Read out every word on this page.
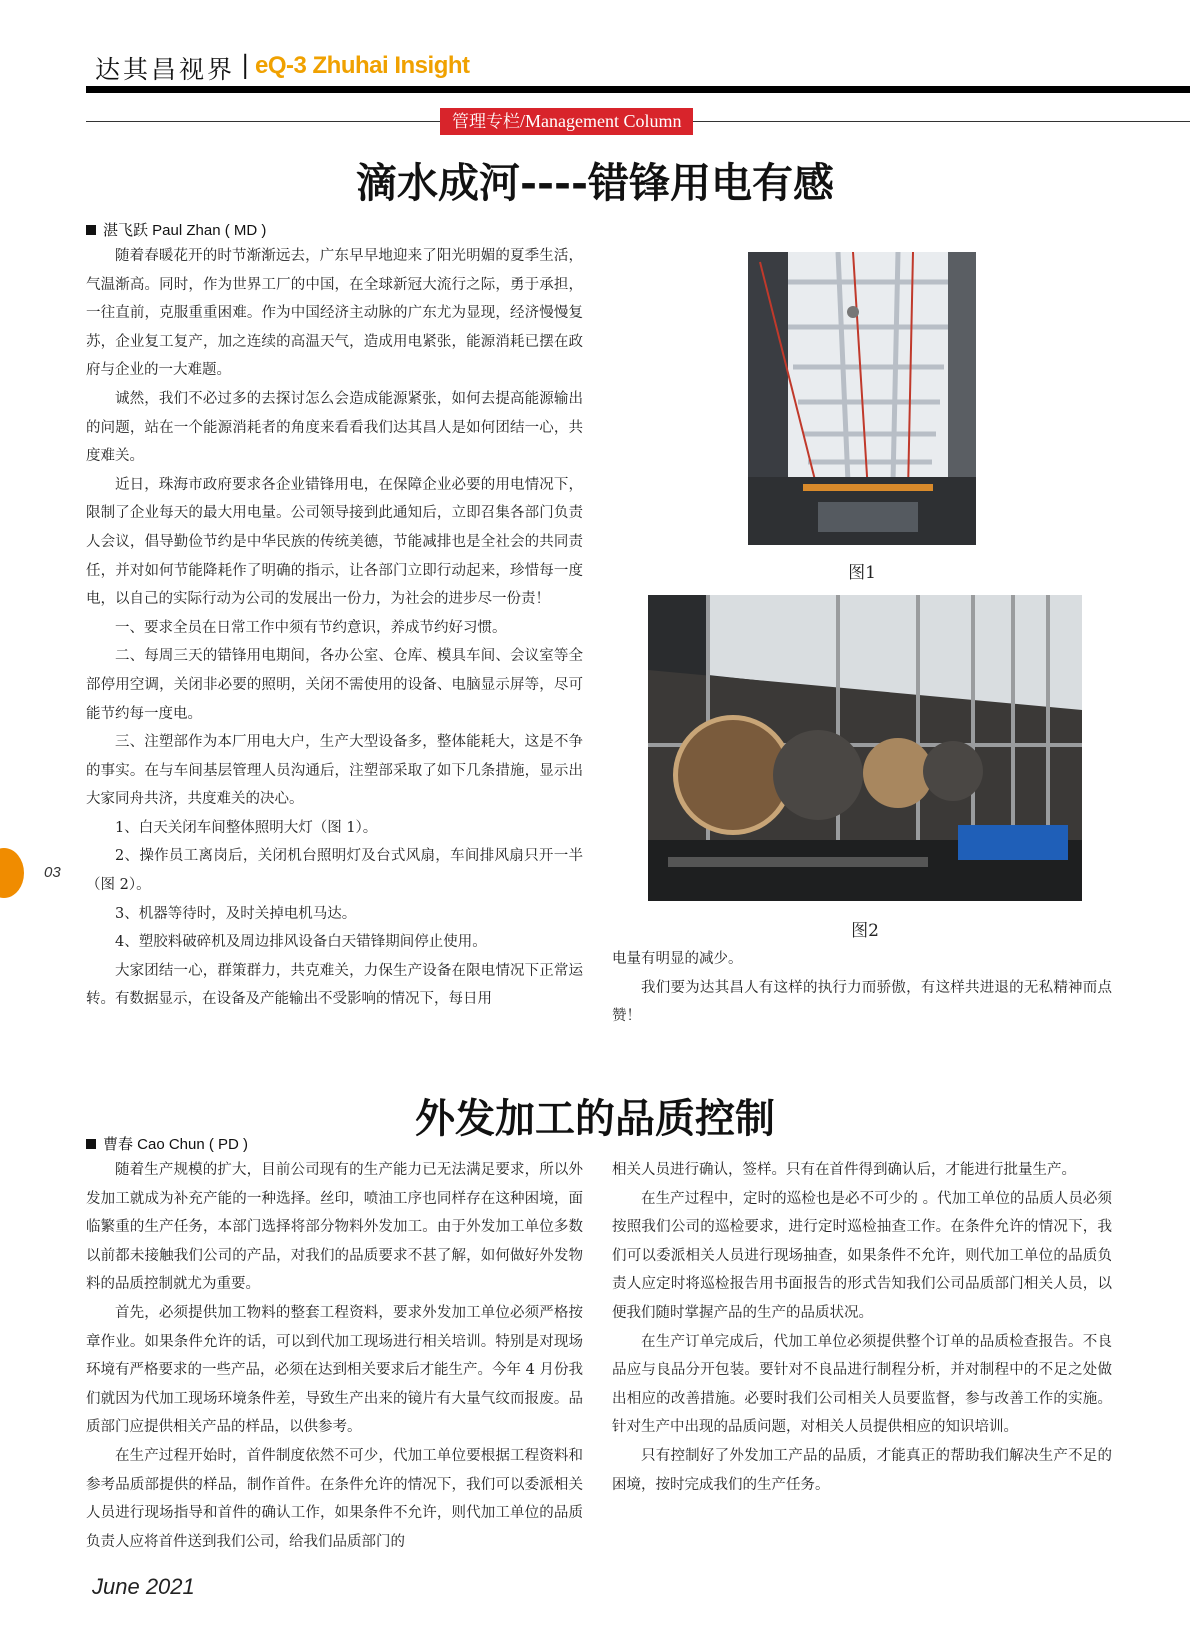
达其昌视界 | eQ-3 Zhuhai Insight
管理专栏/Management Column
滴水成河----错锋用电有感
湛飞跃 Paul Zhan ( MD )

随着春暖花开的时节渐渐远去，广东早早地迎来了阳光明媚的夏季生活，气温渐高。同时，作为世界工厂的中国，在全球新冠大流行之际，勇于承担，一往直前，克服重重困难。作为中国经济主动脉的广东尤为显现，经济慢慢复苏，企业复工复产，加之连续的高温天气，造成用电紧张，能源消耗已摆在政府与企业的一大难题。

诚然，我们不必过多的去探讨怎么会造成能源紧张，如何去提高能源输出的问题，站在一个能源消耗者的角度来看看我们达其昌人是如何团结一心，共度难关。

近日，珠海市政府要求各企业错锋用电，在保障企业必要的用电情况下，限制了企业每天的最大用电量。公司领导接到此通知后，立即召集各部门负责人会议，倡导勤俭节约是中华民族的传统美德，节能减排也是全社会的共同责任，并对如何节能降耗作了明确的指示，让各部门立即行动起来，珍惜每一度电，以自己的实际行动为公司的发展出一份力，为社会的进步尽一份责！

一、要求全员在日常工作中须有节约意识，养成节约好习惯。

二、每周三天的错锋用电期间，各办公室、仓库、模具车间、会议室等全部停用空调，关闭非必要的照明，关闭不需使用的设备、电脑显示屏等，尽可能节约每一度电。

三、注塑部作为本厂用电大户，生产大型设备多，整体能耗大，这是不争的事实。在与车间基层管理人员沟通后，注塑部采取了如下几条措施，显示出大家同舟共济，共度难关的决心。

1、白天关闭车间整体照明大灯（图 1）。

2、操作员工离岗后，关闭机台照明灯及台式风扇，车间排风扇只开一半（图 2）。

3、机器等待时，及时关掉电机马达。

4、塑胶料破碎机及周边排风设备白天错锋期间停止使用。

大家团结一心，群策群力，共克难关，力保生产设备在限电情况下正常运转。有数据显示，在设备及产能输出不受影响的情况下，每日用

图1
图2

电量有明显的减少。

我们要为达其昌人有这样的执行力而骄傲，有这样共进退的无私精神而点赞！

外发加工的品质控制
曹春 Cao Chun ( PD )

随着生产规模的扩大，目前公司现有的生产能力已无法满足要求，所以外发加工就成为补充产能的一种选择。丝印，喷油工序也同样存在这种困境，面临繁重的生产任务，本部门选择将部分物料外发加工。由于外发加工单位多数以前都未接触我们公司的产品，对我们的品质要求不甚了解，如何做好外发物料的品质控制就尤为重要。

首先，必须提供加工物料的整套工程资料，要求外发加工单位必须严格按章作业。如果条件允许的话，可以到代加工现场进行相关培训。特别是对现场环境有严格要求的一些产品，必须在达到相关要求后才能生产。今年 4 月份我们就因为代加工现场环境条件差，导致生产出来的镜片有大量气纹而报废。品质部门应提供相关产品的样品，以供参考。

在生产过程开始时，首件制度依然不可少，代加工单位要根据工程资料和参考品质部提供的样品，制作首件。在条件允许的情况下，我们可以委派相关人员进行现场指导和首件的确认工作，如果条件不允许，则代加工单位的品质负责人应将首件送到我们公司，给我们品质部门的

相关人员进行确认，签样。只有在首件得到确认后，才能进行批量生产。

在生产过程中，定时的巡检也是必不可少的 。代加工单位的品质人员必须按照我们公司的巡检要求，进行定时巡检抽查工作。在条件允许的情况下，我们可以委派相关人员进行现场抽查，如果条件不允许，则代加工单位的品质负责人应定时将巡检报告用书面报告的形式告知我们公司品质部门相关人员，以便我们随时掌握产品的生产的品质状况。

在生产订单完成后，代加工单位必须提供整个订单的品质检查报告。不良品应与良品分开包装。要针对不良品进行制程分析，并对制程中的不足之处做出相应的改善措施。必要时我们公司相关人员要监督，参与改善工作的实施。针对生产中出现的品质问题，对相关人员提供相应的知识培训。

只有控制好了外发加工产品的品质，才能真正的帮助我们解决生产不足的困境，按时完成我们的生产任务。

03
June 2021
